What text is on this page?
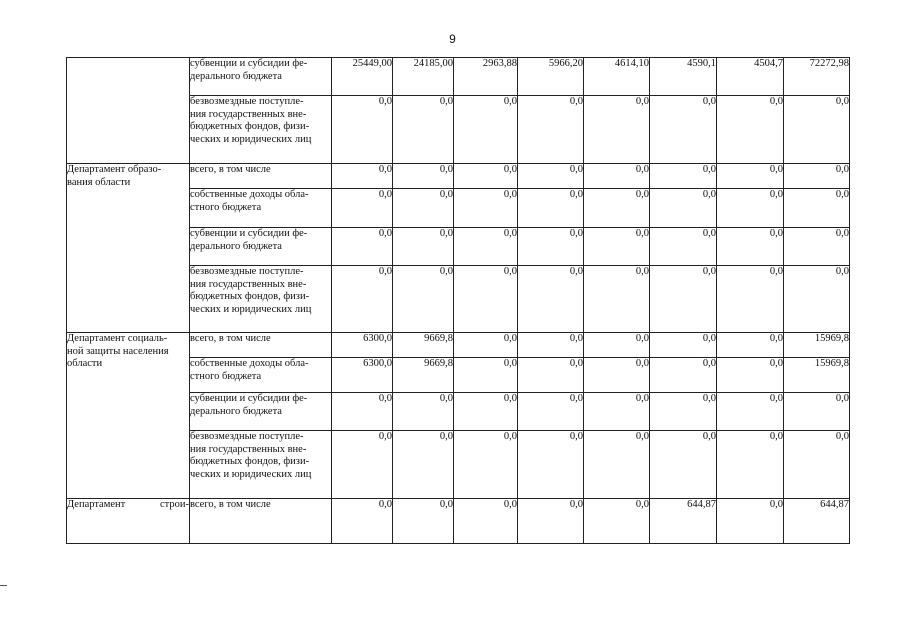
9
	субвенции и субсидии фе-
дерального бюджета	25449,00	24185,00	2963,88	5966,20	4614,10	4590,1	4504,7	72272,98
	безвозмездные поступле-
ния государственных вне-
бюджетных фондов, физи-
ческих и юридических лиц	0,0	0,0	0,0	0,0	0,0	0,0	0,0	0,0
Департамент образо-
вания области	всего, в том числе	0,0	0,0	0,0	0,0	0,0	0,0	0,0	0,0
	собственные доходы обла-
стного бюджета	0,0	0,0	0,0	0,0	0,0	0,0	0,0	0,0
	субвенции и субсидии фе-
дерального бюджета	0,0	0,0	0,0	0,0	0,0	0,0	0,0	0,0
	безвозмездные поступле-
ния государственных вне-
бюджетных фондов, физи-
ческих и юридических лиц	0,0	0,0	0,0	0,0	0,0	0,0	0,0	0,0
Департамент социаль-
ной защиты населения
области	всего, в том числе	6300,0	9669,8	0,0	0,0	0,0	0,0	0,0	15969,8
	собственные доходы обла-
стного бюджета	6300,0	9669,8	0,0	0,0	0,0	0,0	0,0	15969,8
	субвенции и субсидии фе-
дерального бюджета	0,0	0,0	0,0	0,0	0,0	0,0	0,0	0,0
	безвозмездные поступле-
ния государственных вне-
бюджетных фондов, физи-
ческих и юридических лиц	0,0	0,0	0,0	0,0	0,0	0,0	0,0	0,0

Департамент строи-	всего, в том числе	0,0	0,0	0,0	0,0	0,0	644,87	0,0	644,87
